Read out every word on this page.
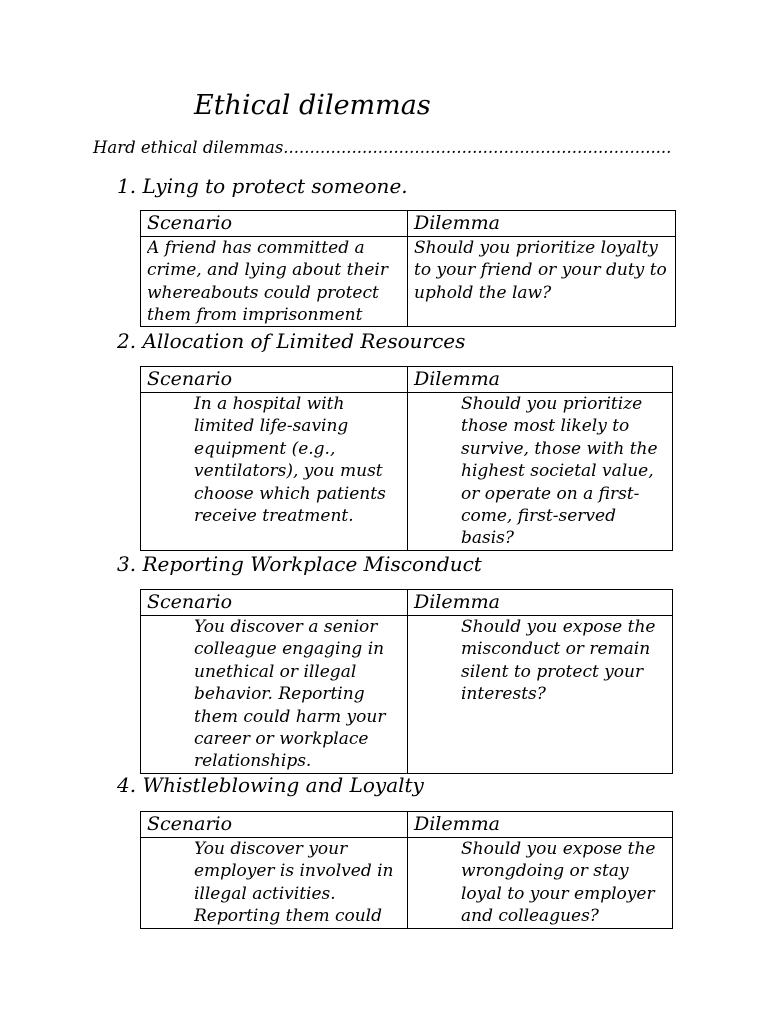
Ethical dilemmas
Hard ethical dilemmas..........................................................................
1. Lying to protect someone.
Scenario	Dilemma

A friend has committed a crime, and lying about their whereabouts could protect them from imprisonment	Should you prioritize loyalty to your friend or your duty to uphold the law?
2. Allocation of Limited Resources
Scenario	Dilemma

In a hospital with limited life-saving equipment (e.g., ventilators), you must choose which patients receive treatment.	Should you prioritize those most likely to survive, those with the highest societal value, or operate on a first-come, first-served basis?
3. Reporting Workplace Misconduct
Scenario	Dilemma

You discover a senior colleague engaging in unethical or illegal behavior. Reporting them could harm your career or workplace relationships.	Should you expose the misconduct or remain silent to protect your interests?
4. Whistleblowing and Loyalty
Scenario	Dilemma

You discover your employer is involved in illegal activities. Reporting them could	Should you expose the wrongdoing or stay loyal to your employer and colleagues?
